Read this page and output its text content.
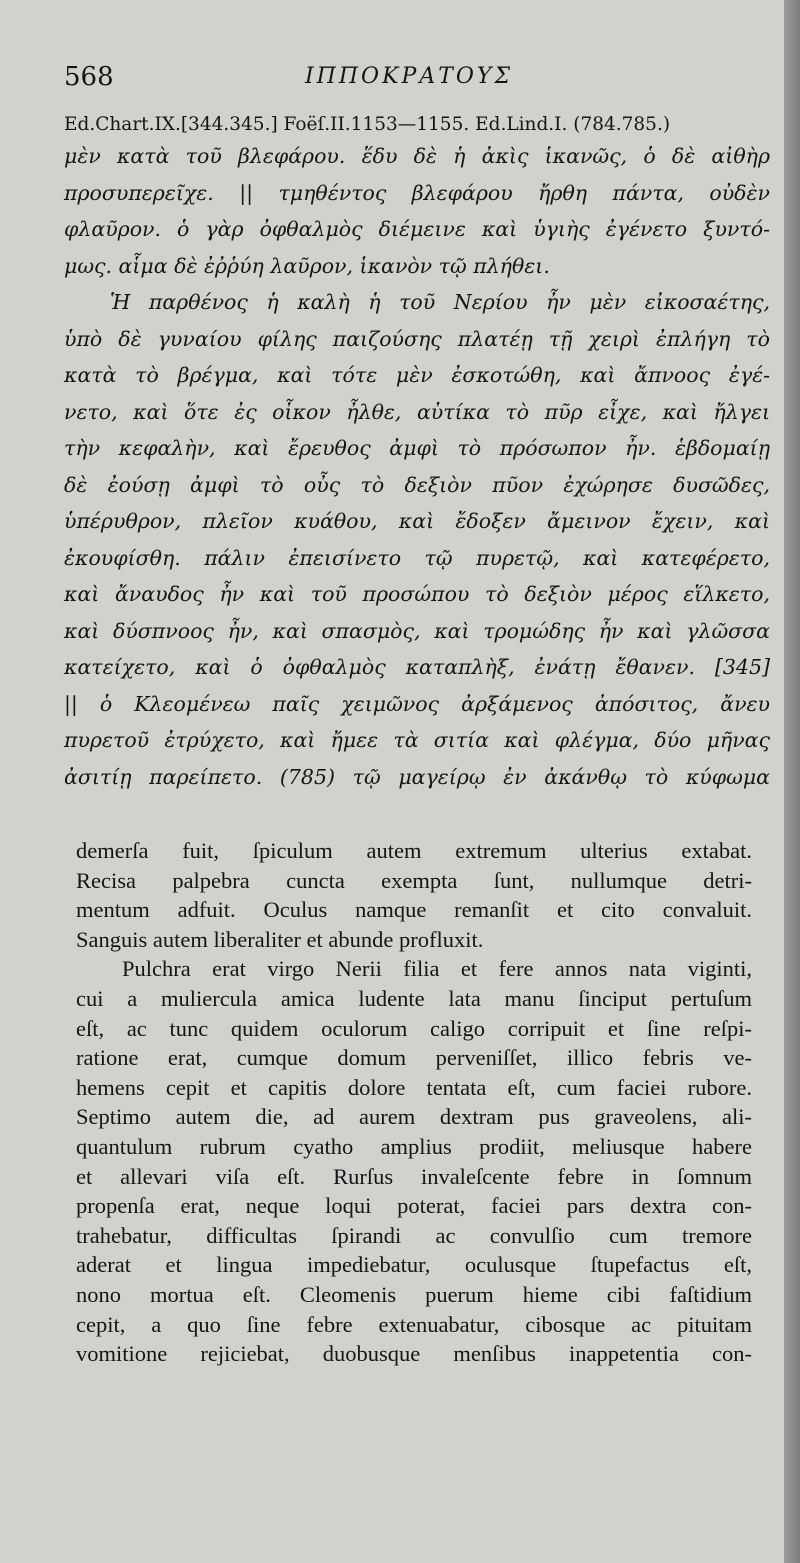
568	ΙΠΠΟΚΡΑΤΟΥΣ
Ed.Chart.IX.[344.345.] Foëſ.II.1153—1155. Ed.Lind.I. (784.785.)
μὲν κατὰ τοῦ βλεφάρου. ἕδυ δὲ ἡ ἀκὶς ἱκανῶς, ὁ δὲ αἰθὴρ
προσυπερεῖχε. || τμηθέντος βλεφάρου ἤρθη πάντα, οὐδὲν
φλαῦρον. ὁ γὰρ ὀφθαλμὸς διέμεινε καὶ ὑγιὴς ἐγένετο ξυντό-
μως. αἷμα δὲ ἐῤῥύη λαῦρον, ἱκανὸν τῷ πλήθει.
Ἡ παρθένος ἡ καλὴ ἡ τοῦ Νερίου ἦν μὲν εἰκοσαέτης,
ὑπὸ δὲ γυναίου φίλης παιζούσης πλατέῃ τῇ χειρὶ ἐπλήγη τὸ
κατὰ τὸ βρέγμα, καὶ τότε μὲν ἐσκοτώθη, καὶ ἄπνοος ἐγέ-
νετο, καὶ ὅτε ἐς οἶκον ἦλθε, αὐτίκα τὸ πῦρ εἶχε, καὶ ἤλγει
τὴν κεφαλὴν, καὶ ἔρευθος ἀμφὶ τὸ πρόσωπον ἦν. ἑβδομαίῃ
δὲ ἐούσῃ ἀμφὶ τὸ οὖς τὸ δεξιὸν πῦον ἐχώρησε δυσῶδες,
ὑπέρυθρον, πλεῖον κυάθου, καὶ ἔδοξεν ἄμεινον ἔχειν, καὶ
ἐκουφίσθη. πάλιν ἐπεισίνετο τῷ πυρετῷ, καὶ κατεφέρετο,
καὶ ἄναυδος ἦν καὶ τοῦ προσώπου τὸ δεξιὸν μέρος εἵλκετο,
καὶ δύσπνοος ἦν, καὶ σπασμὸς, καὶ τρομώδης ἦν καὶ γλῶσσα
κατείχετο, καὶ ὁ ὀφθαλμὸς καταπλὴξ, ἐνάτῃ ἔθανεν. [345]
|| ὁ Κλεομένεω παῖς χειμῶνος ἀρξάμενος ἀπόσιτος, ἄνευ
πυρετοῦ ἐτρύχετο, καὶ ἤμεε τὰ σιτία καὶ φλέγμα, δύο μῆνας
ἀσιτίῃ παρείπετο. (785) τῷ μαγείρῳ ἐν ἀκάνθῳ τὸ κύφωμα
demerſa fuit, ſpiculum autem extremum ulterius extabat.
Recisa palpebra cuncta exempta ſunt, nullumque detri-
mentum adfuit. Oculus namque remanſit et cito convaluit.
Sanguis autem liberaliter et abunde profluxit.
Pulchra erat virgo Nerii filia et fere annos nata viginti,
cui a muliercula amica ludente lata manu ſinciput pertuſum
eſt, ac tunc quidem oculorum caligo corripuit et ſine reſpi-
ratione erat, cumque domum perveniſſet, illico febris ve-
hemens cepit et capitis dolore tentata eſt, cum faciei rubore.
Septimo autem die, ad aurem dextram pus graveolens, ali-
quantulum rubrum cyatho amplius prodiit, meliusque habere
et allevari viſa eſt. Rurſus invaleſcente febre in ſomnum
propenſa erat, neque loqui poterat, faciei pars dextra con-
trahebatur, difficultas ſpirandi ac convulſio cum tremore
aderat et lingua impediebatur, oculusque ſtupefactus eſt,
nono mortua eſt. Cleomenis puerum hieme cibi faſtidium
cepit, a quo ſine febre extenuabatur, cibosque ac pituitam
vomitione rejiciebat, duobusque menſibus inappetentia con-
